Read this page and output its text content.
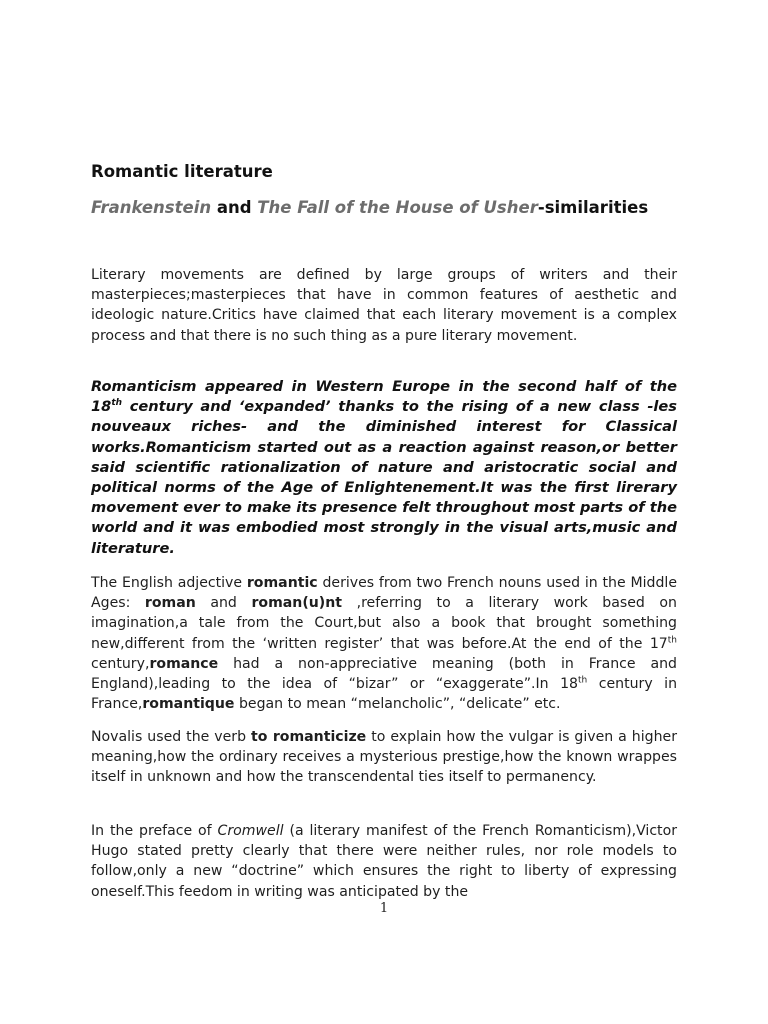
Romantic literature
Frankenstein and The Fall of the House of Usher-similarities

Literary movements are defined by large groups of writers and their masterpieces;masterpieces that have in common features of aesthetic and ideologic nature.Critics have claimed that each literary movement is a complex process and that there is no such thing as a pure literary movement.

Romanticism appeared in Western Europe in the second half of the 18th century and ‘expanded’ thanks to the rising of a new class -les nouveaux riches- and the diminished interest for Classical works.Romanticism started out as a reaction against reason,or better said scientific rationalization of nature and aristocratic social and political norms of the Age of Enlightenement.It was the first lirerary movement ever to make its presence felt throughout most parts of the world and it was embodied most strongly in the visual arts,music and literature.

The English adjective romantic derives from two French nouns used in the Middle Ages: roman and roman(u)nt ,referring to a literary work based on imagination,a tale from the Court,but also a book that brought something new,different from the ‘written register’ that was before.At the end of the 17th century,romance had a non-appreciative meaning (both in France and England),leading to the idea of “bizar” or “exaggerate”.In 18th century in France,romantique began to mean “melancholic”, “delicate” etc.

Novalis used the verb to romanticize to explain how the vulgar is given a higher meaning,how the ordinary receives a mysterious prestige,how the known wrappes itself in unknown and how the transcendental ties itself to permanency.

In the preface of Cromwell (a literary manifest of the French Romanticism),Victor Hugo stated pretty clearly that there were neither rules, nor role models to follow,only a new “doctrine” which ensures the right to liberty of expressing oneself.This feedom in writing was anticipated by the

1
